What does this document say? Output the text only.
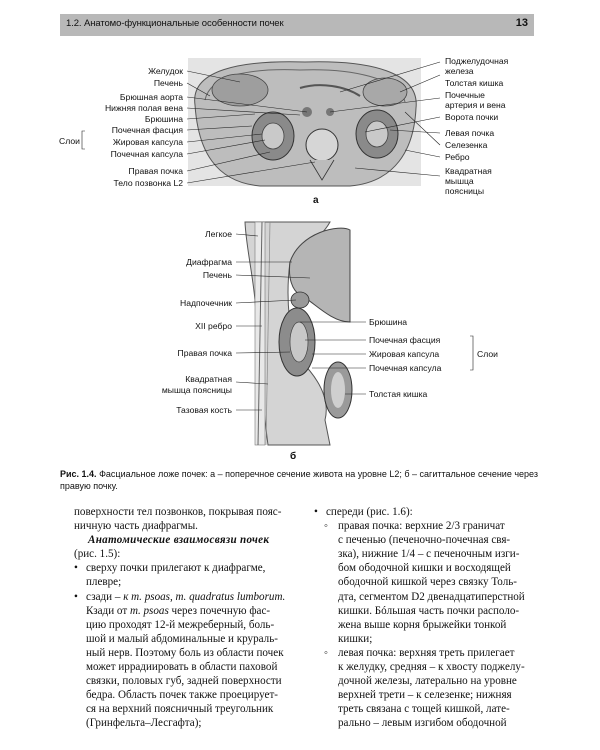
1.2. Анатомо-функциональные особенности почек	13
Желудок
Печень
Брюшная аорта
Нижняя полая вена
Брюшина
Слои
Почечная фасция
Жировая капсула
Почечная капсула
Правая почка
Тело позвонка L2
Поджелудочная
железа
Толстая кишка
Почечные
артерия и вена
Ворота почки
Левая почка
Селезенка
Ребро
Квадратная
мышца
поясницы
а
Легкое
Диафрагма
Печень
Надпочечник
XII ребро
Правая почка
Квадратная
мышца поясницы
Тазовая кость
Брюшина
Почечная фасция
Жировая капсула
Почечная капсула
Слои
Толстая кишка
б
Рис. 1.4. Фасциальное ложе почек: а – поперечное сечение живота на уровне L2; б – сагиттальное сечение через правую почку.

поверхности тел позвонков, покрывая пояс-

ничную часть диафрагмы.

Анатомические взаимосвязи почек

(рис. 1.5):

• сверху почки прилегают к диафрагме,

плевре;

• сзади – к m. psoas, m. quadratus lumborum.

Кзади от m. psoas через почечную фас-

цию проходят 12-й межреберный, боль-

шой и малый абдоминальные и крураль-

ный нерв. Поэтому боль из области почек

может иррадиировать в области паховой

связки, половых губ, задней поверхности

бедра. Область почек также проецирует-

ся на верхний поясничный треугольник

(Гринфельта–Лесгафта);

• спереди (рис. 1.6):

◦ правая почка: верхние 2/3 граничат

с печенью (печеночно-почечная свя-

зка), нижние 1/4 – с печеночным изги-

бом ободочной кишки и восходящей

ободочной кишкой через связку Толь-

дта, сегментом D2 двенадцатиперстной

кишки. Бóльшая часть почки располо-

жена выше корня брыжейки тонкой

кишки;

◦ левая почка: верхняя треть прилегает

к желудку, средняя – к хвосту поджелу-

дочной железы, латерально на уровне

верхней трети – к селезенке; нижняя

треть связана с тощей кишкой, лате-

рально – левым изгибом ободочной
